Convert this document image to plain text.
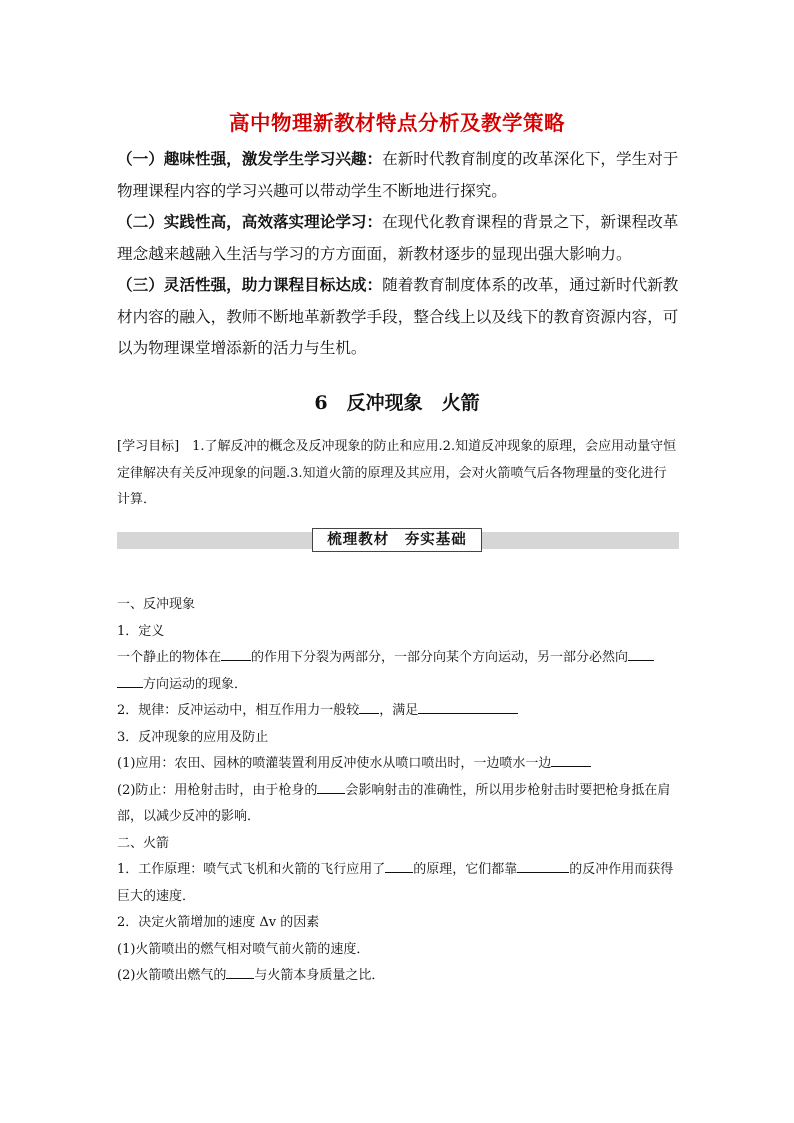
高中物理新教材特点分析及教学策略

（一）趣味性强，激发学生学习兴趣：在新时代教育制度的改革深化下，学生对于物理课程内容的学习兴趣可以带动学生不断地进行探究。

（二）实践性高，高效落实理论学习：在现代化教育课程的背景之下，新课程改革理念越来越融入生活与学习的方方面面，新教材逐步的显现出强大影响力。

（三）灵活性强，助力课程目标达成：随着教育制度体系的改革，通过新时代新教材内容的融入，教师不断地革新教学手段，整合线上以及线下的教育资源内容，可以为物理课堂增添新的活力与生机。

6　反冲现象　火箭
[学习目标]　1.了解反冲的概念及反冲现象的防止和应用.2.知道反冲现象的原理，会应用动量守恒定律解决有关反冲现象的问题.3.知道火箭的原理及其应用，会对火箭喷气后各物理量的变化进行计算．
梳理教材　夯实基础

一、反冲现象

1．定义

一个静止的物体在 的作用下分裂为两部分，一部分向某个方向运动，另一部分必然向

方向运动的现象．

2．规律：反冲运动中，相互作用力一般较 ，满足

3．反冲现象的应用及防止

(1)应用：农田、园林的喷灌装置利用反冲使水从喷口喷出时，一边喷水一边

(2)防止：用枪射击时，由于枪身的 会影响射击的准确性，所以用步枪射击时要把枪身抵在肩部，以减少反冲的影响．

二、火箭

1．工作原理：喷气式飞机和火箭的飞行应用了 的原理，它们都靠	的反冲作用而获得巨大的速度．

2．决定火箭增加的速度 Δv 的因素

(1)火箭喷出的燃气相对喷气前火箭的速度．

(2)火箭喷出燃气的 与火箭本身质量之比．
